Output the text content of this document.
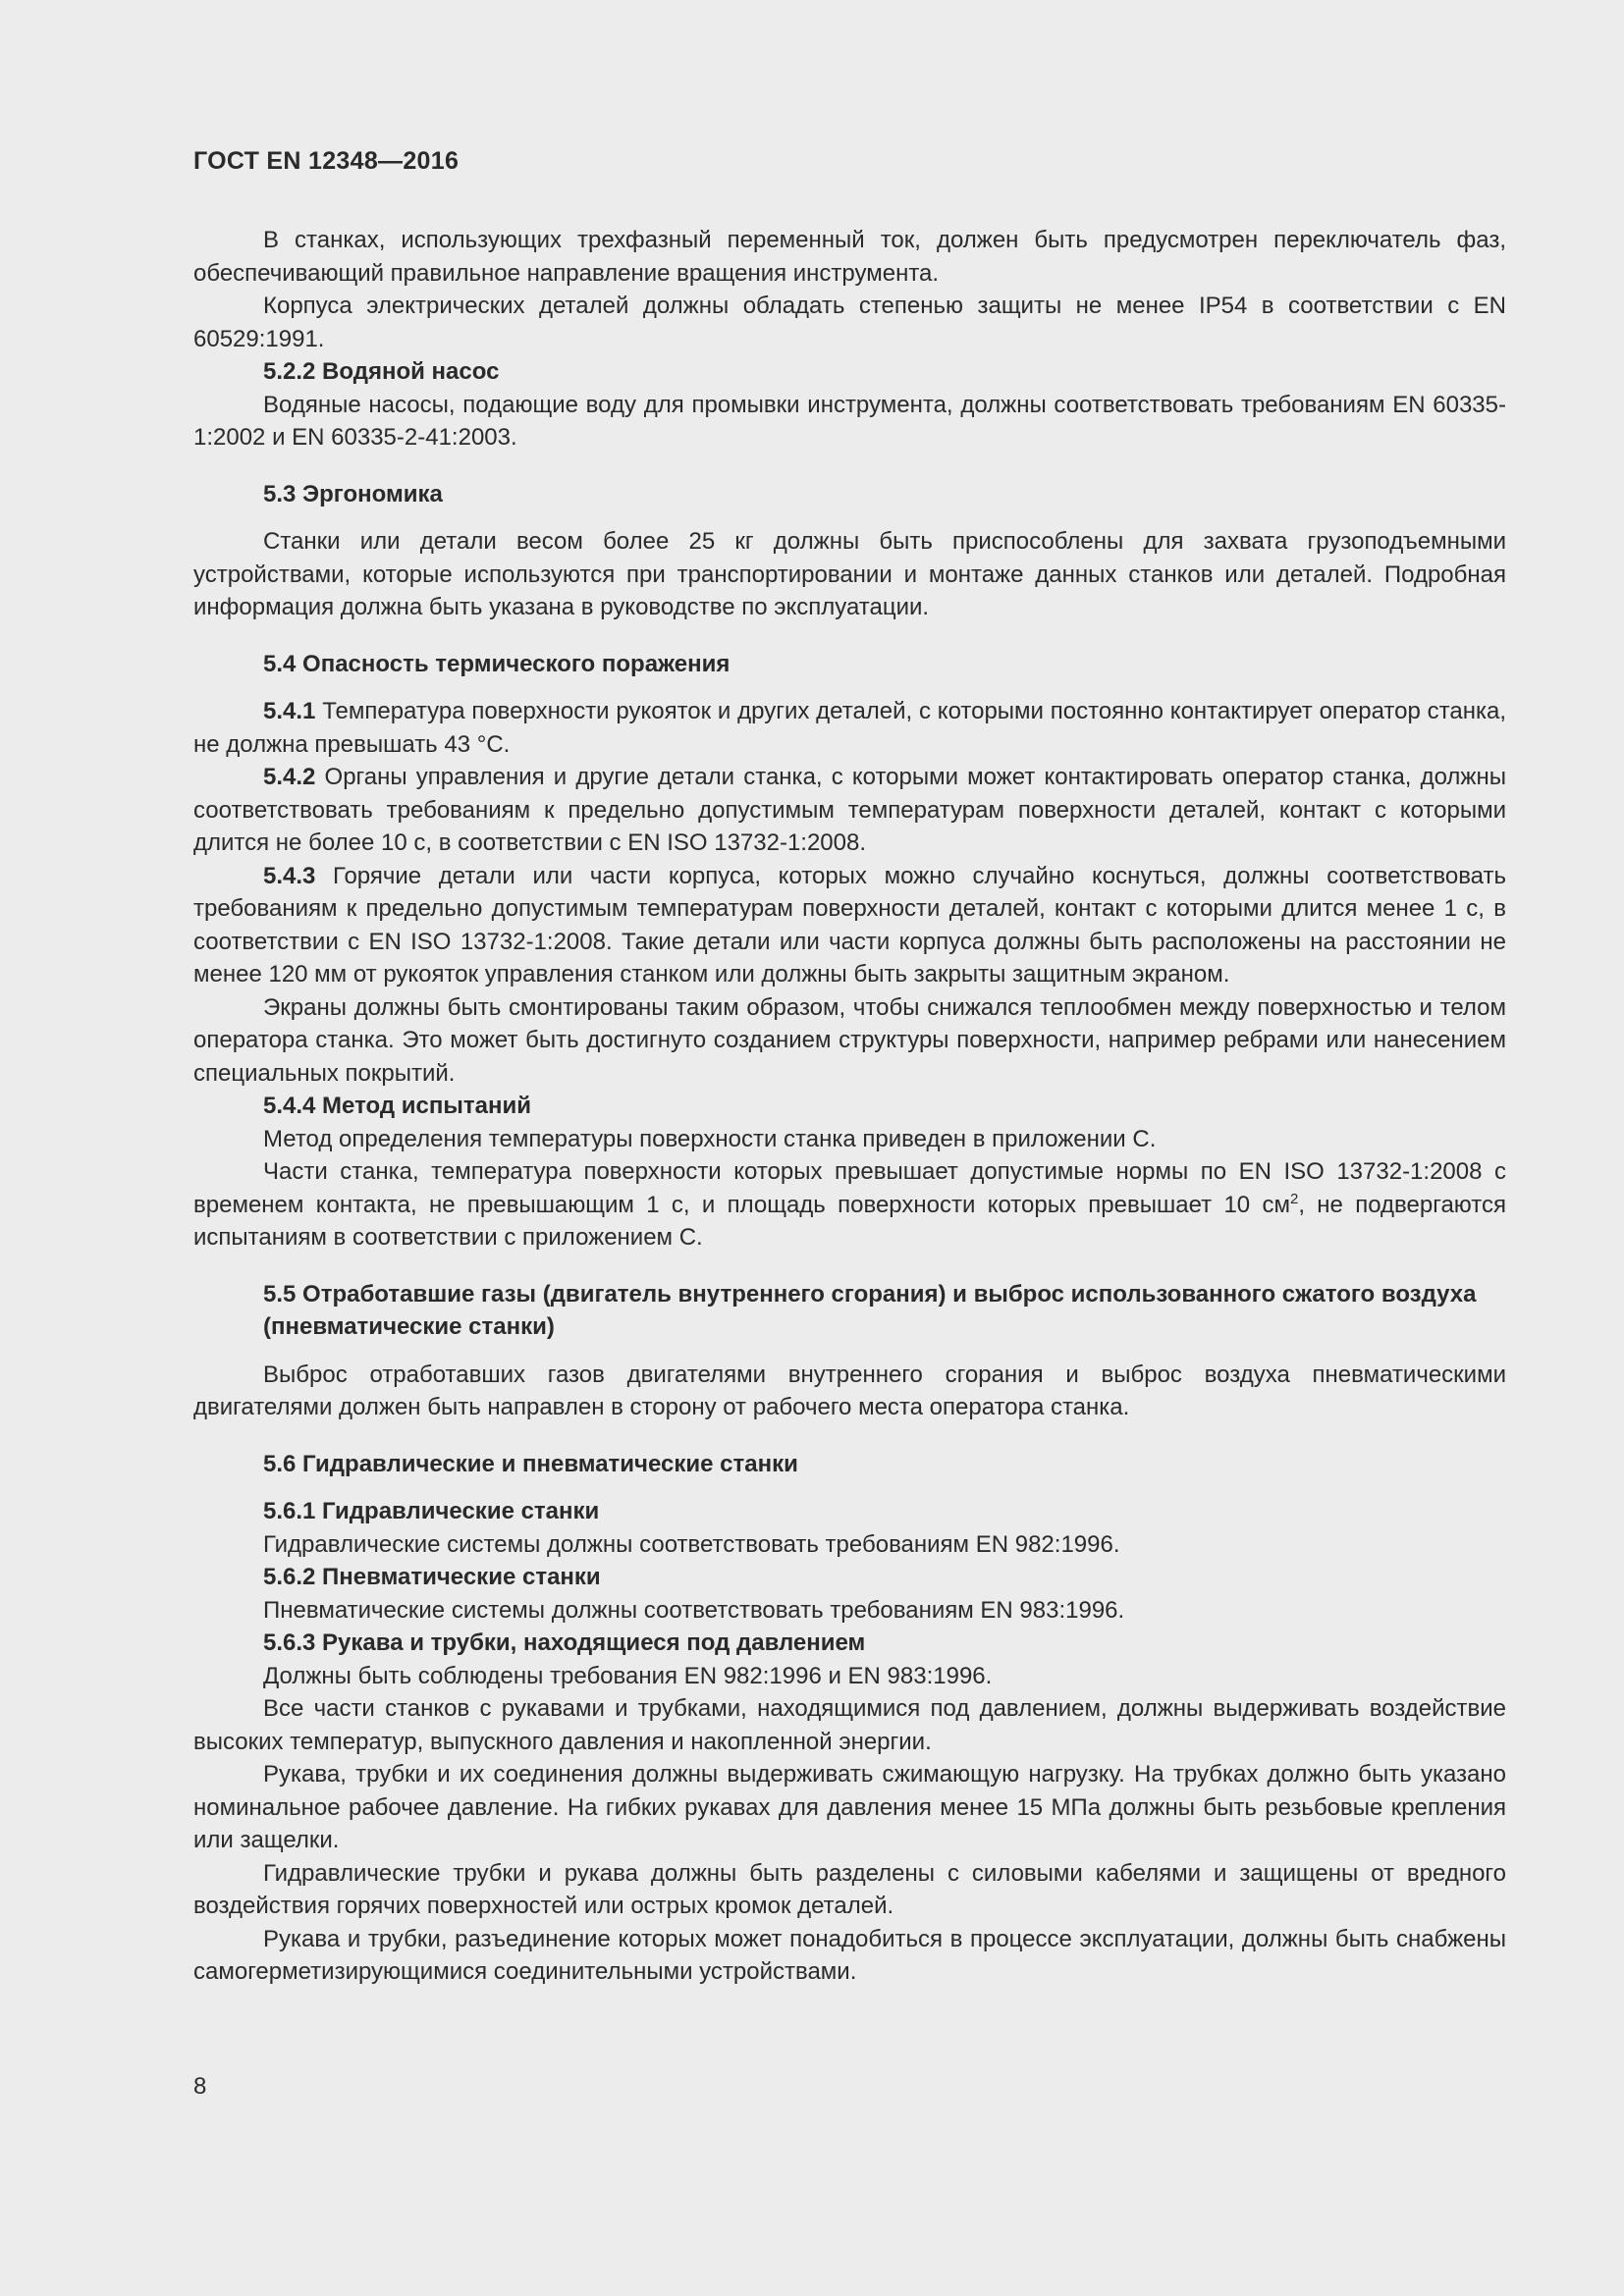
ГОСТ EN 12348—2016
В станках, использующих трехфазный переменный ток, должен быть предусмотрен переключатель фаз, обеспечивающий правильное направление вращения инструмента.
Корпуса электрических деталей должны обладать степенью защиты не менее IP54 в соответствии с EN 60529:1991.
5.2.2 Водяной насос
Водяные насосы, подающие воду для промывки инструмента, должны соответствовать требованиям EN 60335-1:2002 и EN 60335-2-41:2003.
5.3 Эргономика
Станки или детали весом более 25 кг должны быть приспособлены для захвата грузоподъемными устройствами, которые используются при транспортировании и монтаже данных станков или деталей. Подробная информация должна быть указана в руководстве по эксплуатации.
5.4 Опасность термического поражения
5.4.1 Температура поверхности рукояток и других деталей, с которыми постоянно контактирует оператор станка, не должна превышать 43 °С.
5.4.2 Органы управления и другие детали станка, с которыми может контактировать оператор станка, должны соответствовать требованиям к предельно допустимым температурам поверхности деталей, контакт с которыми длится не более 10 с, в соответствии с EN ISO 13732-1:2008.
5.4.3 Горячие детали или части корпуса, которых можно случайно коснуться, должны соответствовать требованиям к предельно допустимым температурам поверхности деталей, контакт с которыми длится менее 1 с, в соответствии с EN ISO 13732-1:2008. Такие детали или части корпуса должны быть расположены на расстоянии не менее 120 мм от рукояток управления станком или должны быть закрыты защитным экраном.
Экраны должны быть смонтированы таким образом, чтобы снижался теплообмен между поверхностью и телом оператора станка. Это может быть достигнуто созданием структуры поверхности, например ребрами или нанесением специальных покрытий.
5.4.4 Метод испытаний
Метод определения температуры поверхности станка приведен в приложении С.
Части станка, температура поверхности которых превышает допустимые нормы по EN ISO 13732-1:2008 с временем контакта, не превышающим 1 с, и площадь поверхности которых превышает 10 $см^2$, не подвергаются испытаниям в соответствии с приложением С.
5.5 Отработавшие газы (двигатель внутреннего сгорания) и выброс использованного сжатого воздуха (пневматические станки)
Выброс отработавших газов двигателями внутреннего сгорания и выброс воздуха пневматическими двигателями должен быть направлен в сторону от рабочего места оператора станка.
5.6 Гидравлические и пневматические станки
5.6.1 Гидравлические станки
Гидравлические системы должны соответствовать требованиям EN 982:1996.
5.6.2 Пневматические станки
Пневматические системы должны соответствовать требованиям EN 983:1996.
5.6.3 Рукава и трубки, находящиеся под давлением
Должны быть соблюдены требования EN 982:1996 и EN 983:1996.
Все части станков с рукавами и трубками, находящимися под давлением, должны выдерживать воздействие высоких температур, выпускного давления и накопленной энергии.
Рукава, трубки и их соединения должны выдерживать сжимающую нагрузку. На трубках должно быть указано номинальное рабочее давление. На гибких рукавах для давления менее 15 МПа должны быть резьбовые крепления или защелки.
Гидравлические трубки и рукава должны быть разделены с силовыми кабелями и защищены от вредного воздействия горячих поверхностей или острых кромок деталей.
Рукава и трубки, разъединение которых может понадобиться в процессе эксплуатации, должны быть снабжены самогерметизирующимися соединительными устройствами.
8
